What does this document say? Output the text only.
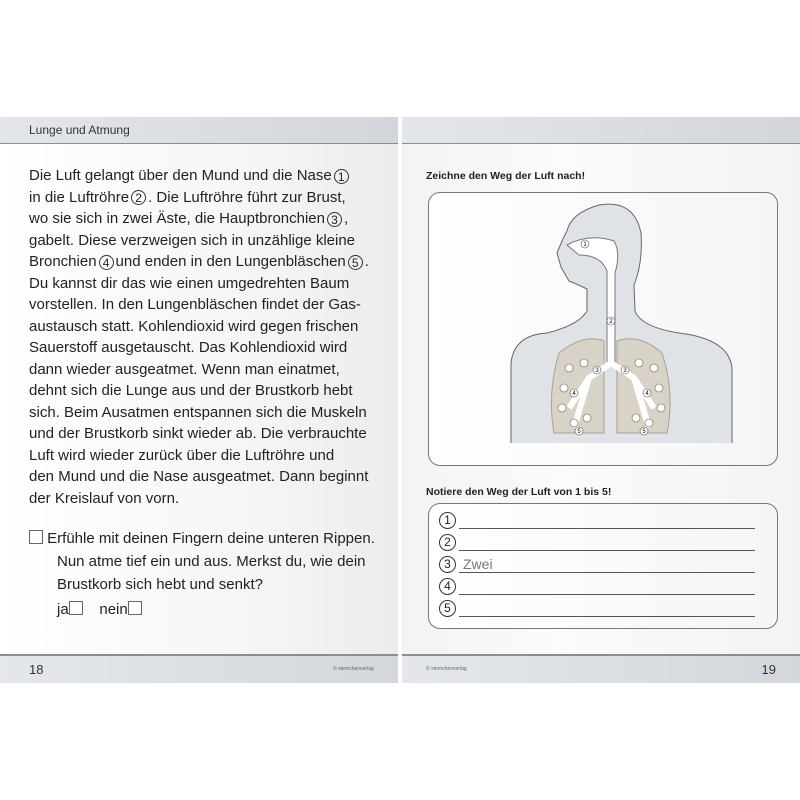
Lunge und Atmung
Die Luft gelangt über den Mund und die Nase 1
in die Luftröhre 2 . Die Luftröhre führt zur Brust,
wo sie sich in zwei Äste, die Hauptbronchien 3 ,
gabelt. Diese verzweigen sich in unzählige kleine
Bronchien 4 und enden in den Lungenbläschen 5 .
Du kannst dir das wie einen umgedrehten Baum
vorstellen. In den Lungenbläschen findet der Gas-
austausch statt. Kohlendioxid wird gegen frischen
Sauerstoff ausgetauscht. Das Kohlendioxid wird
dann wieder ausgeatmet. Wenn man einatmet,
dehnt sich die Lunge aus und der Brustkorb hebt
sich. Beim Ausatmen entspannen sich die Muskeln
und der Brustkorb sinkt wieder ab. Die verbrauchte
Luft wird wieder zurück über die Luftröhre und
den Mund und die Nase ausgeatmet. Dann beginnt
der Kreislauf von vorn.
Erfühle mit deinen Fingern deine unteren Rippen.
Nun atme tief ein und aus. Merkst du, wie dein
Brustkorb sich hebt und senkt?
ja nein
18	© sternchenverlag
Zeichne den Weg der Luft nach!
1
2
3	3
4	4
5	5
Notiere den Weg der Luft von 1 bis 5!
1
2
3 Zwei
4
5
© sternchenverlag	19
